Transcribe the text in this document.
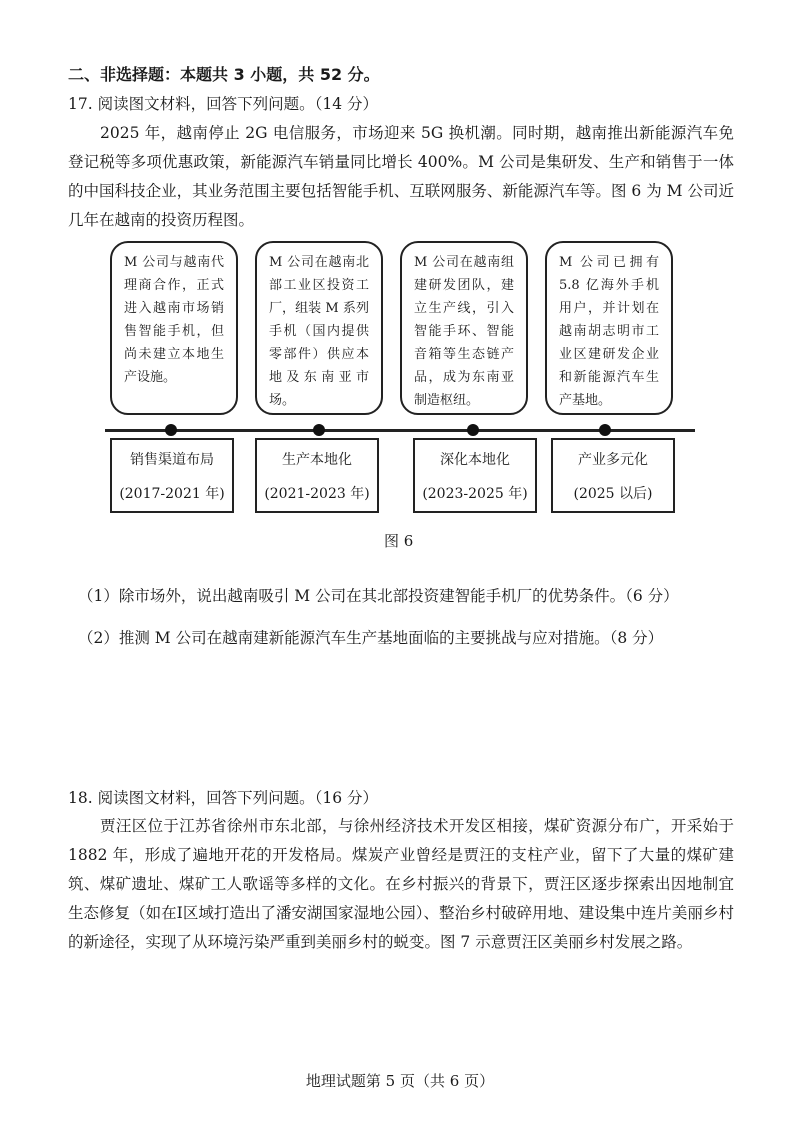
二、非选择题：本题共 3 小题，共 52 分。
17. 阅读图文材料，回答下列问题。（14 分）
2025 年，越南停止 2G 电信服务，市场迎来 5G 换机潮。同时期，越南推出新能源汽车免登记税等多项优惠政策，新能源汽车销量同比增长 400%。M 公司是集研发、生产和销售于一体的中国科技企业，其业务范围主要包括智能手机、互联网服务、新能源汽车等。图 6 为 M 公司近几年在越南的投资历程图。
M 公司与越南代理商合作，正式进入越南市场销售智能手机，但尚未建立本地生产设施。
M 公司在越南北部工业区投资工厂，组装 M 系列手机（国内提供零部件）供应本地及东南亚市场。
M 公司在越南组建研发团队，建立生产线，引入智能手环、智能音箱等生态链产品，成为东南亚制造枢纽。
M 公司已拥有 5.8 亿海外手机用户，并计划在越南胡志明市工业区建研发企业和新能源汽车生产基地。
销售渠道布局
(2017-2021 年)
生产本地化
(2021-2023 年)
深化本地化
(2023-2025 年)
产业多元化
(2025 以后)
图 6
（1）除市场外，说出越南吸引 M 公司在其北部投资建智能手机厂的优势条件。（6 分）
（2）推测 M 公司在越南建新能源汽车生产基地面临的主要挑战与应对措施。（8 分）
18. 阅读图文材料，回答下列问题。（16 分）
贾汪区位于江苏省徐州市东北部，与徐州经济技术开发区相接，煤矿资源分布广，开采始于 1882 年，形成了遍地开花的开发格局。煤炭产业曾经是贾汪的支柱产业，留下了大量的煤矿建筑、煤矿遗址、煤矿工人歌谣等多样的文化。在乡村振兴的背景下，贾汪区逐步探索出因地制宜生态修复（如在Ⅰ区域打造出了潘安湖国家湿地公园）、整治乡村破碎用地、建设集中连片美丽乡村的新途径，实现了从环境污染严重到美丽乡村的蜕变。图 7 示意贾汪区美丽乡村发展之路。
地理试题第 5 页（共 6 页）
